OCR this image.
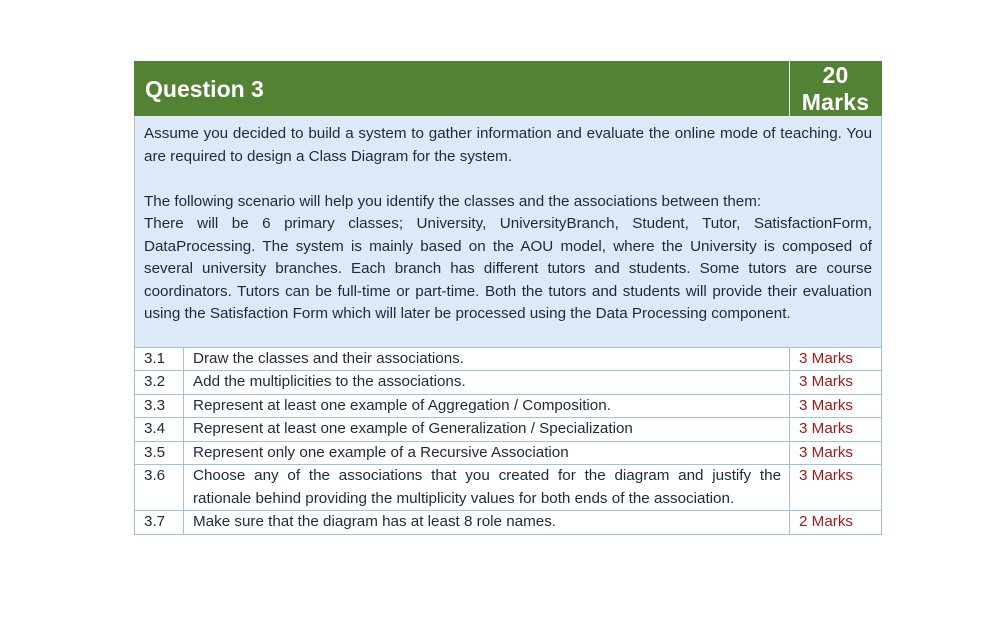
Question 3		20 Marks

Assume you decided to build a system to gather information and evaluate the online mode of teaching. You are required to design a Class Diagram for the system.

The following scenario will help you identify the classes and the associations between them:

There will be 6 primary classes; University, UniversityBranch, Student, Tutor, SatisfactionForm, DataProcessing. The system is mainly based on the AOU model, where the University is composed of several university branches. Each branch has different tutors and students. Some tutors are course coordinators. Tutors can be full-time or part-time. Both the tutors and students will provide their evaluation using the Satisfaction Form which will later be processed using the Data Processing component.		

3.1	Draw the classes and their associations.	3 Marks
3.2	Add the multiplicities to the associations.	3 Marks
3.3	Represent at least one example of Aggregation / Composition.	3 Marks
3.4	Represent at least one example of Generalization / Specialization	3 Marks
3.5	Represent only one example of a Recursive Association	3 Marks
3.6	Choose any of the associations that you created for the diagram and justify the rationale behind providing the multiplicity values for both ends of the association.	3 Marks
3.7	Make sure that the diagram has at least 8 role names.	2 Marks
